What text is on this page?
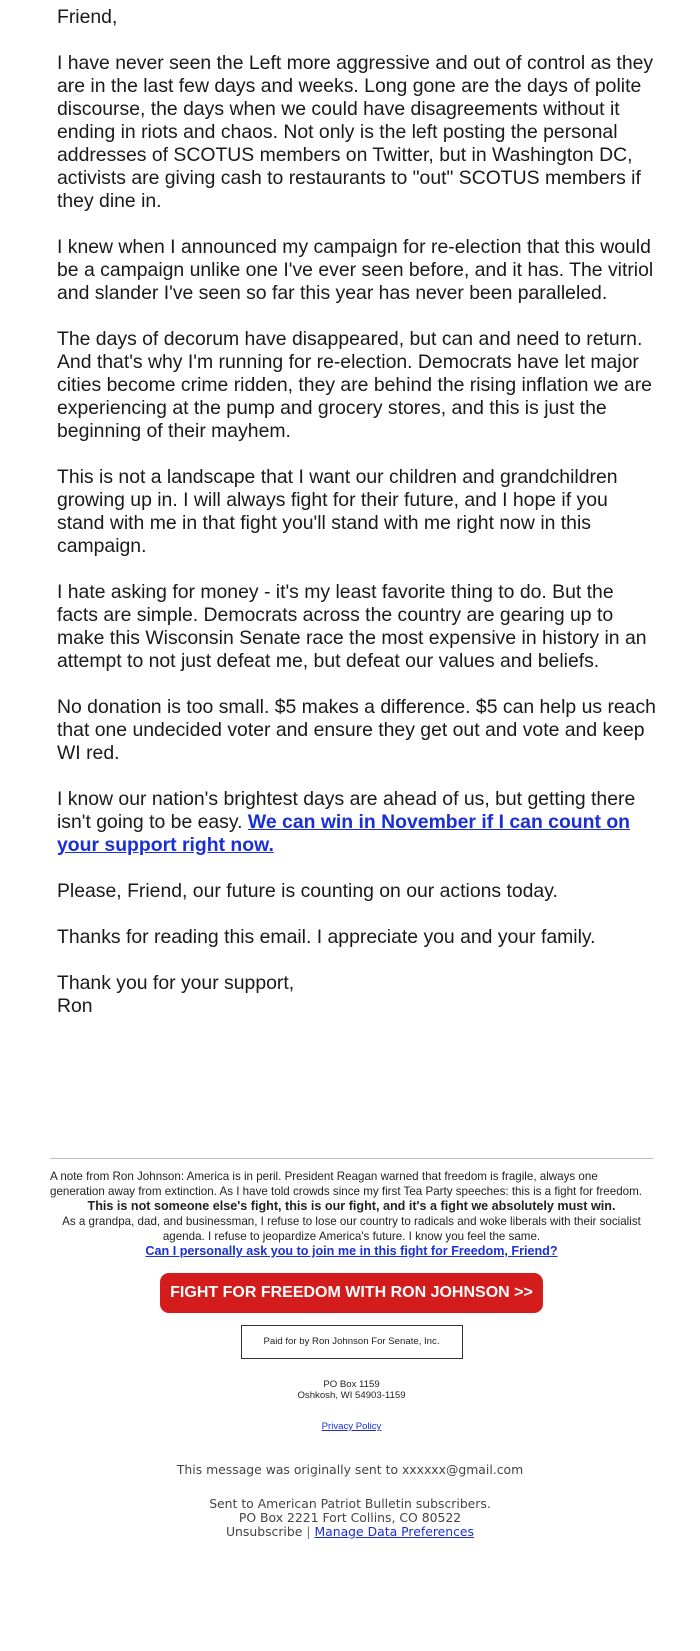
Friend,

I have never seen the Left more aggressive and out of control as they are in the last few days and weeks. Long gone are the days of polite discourse, the days when we could have disagreements without it ending in riots and chaos. Not only is the left posting the personal addresses of SCOTUS members on Twitter, but in Washington DC, activists are giving cash to restaurants to "out" SCOTUS members if they dine in.

I knew when I announced my campaign for re-election that this would be a campaign unlike one I've ever seen before, and it has. The vitriol and slander I've seen so far this year has never been paralleled.

The days of decorum have disappeared, but can and need to return. And that's why I'm running for re-election. Democrats have let major cities become crime ridden, they are behind the rising inflation we are experiencing at the pump and grocery stores, and this is just the beginning of their mayhem.

This is not a landscape that I want our children and grandchildren growing up in. I will always fight for their future, and I hope if you stand with me in that fight you'll stand with me right now in this campaign.

I hate asking for money - it's my least favorite thing to do. But the facts are simple. Democrats across the country are gearing up to make this Wisconsin Senate race the most expensive in history in an attempt to not just defeat me, but defeat our values and beliefs.

No donation is too small. $5 makes a difference. $5 can help us reach that one undecided voter and ensure they get out and vote and keep WI red.

I know our nation's brightest days are ahead of us, but getting there isn't going to be easy. We can win in November if I can count on your support right now.

Please, Friend, our future is counting on our actions today.

Thanks for reading this email. I appreciate you and your family.

Thank you for your support,

Ron

A note from Ron Johnson: America is in peril. President Reagan warned that freedom is fragile, always one generation away from extinction. As I have told crowds since my first Tea Party speeches: this is a fight for freedom.

This is not someone else's fight, this is our fight, and it's a fight we absolutely must win.

As a grandpa, dad, and businessman, I refuse to lose our country to radicals and woke liberals with their socialist agenda. I refuse to jeopardize America's future. I know you feel the same.

Can I personally ask you to join me in this fight for Freedom, Friend?

FIGHT FOR FREEDOM WITH RON JOHNSON >>
Paid for by Ron Johnson For Senate, Inc.
PO Box 1159
Oshkosh, WI 54903-1159
Privacy Policy
This message was originally sent to xxxxxx@gmail.com
Sent to American Patriot Bulletin subscribers.
PO Box 2221 Fort Collins, CO 80522
Unsubscribe | Manage Data Preferences
